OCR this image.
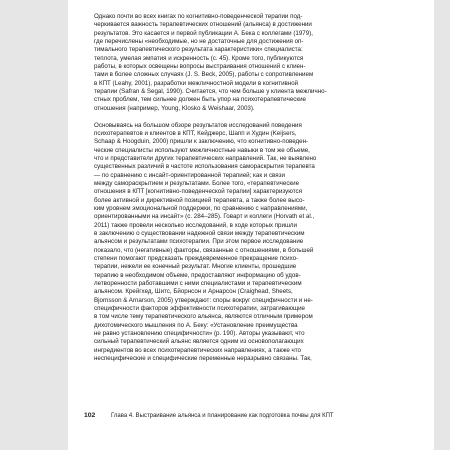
Однако почти во всех книгах по когнитивно-поведенческой терапии под-
черкивается важность терапевтических отношений (альянса) в достижении
результатов. Это касается и первой публикации А. Бека с коллегами (1979),
где перечислены «необходимые, но не достаточные для достижения оп-
тимального терапевтического результата характеристики» специалиста:
теплота, умелая эмпатия и искренность (с. 45). Кроме того, публикуются
работы, в которых освещены вопросы выстраивания отношений с клиен-
тами в более сложных случаях (J. S. Beck, 2005), работы с сопротивлением
в КПТ (Leahy, 2001), разработки межличностной модели в когнитивной
терапии (Safran & Segal, 1990). Считается, что чем больше у клиента межлично-
стных проблем, тем сильнее должен быть упор на психотерапевтические
отношения (например, Young, Klosko & Weishaar, 2003).

Основываясь на большом обзоре результатов исследований поведения
психотерапевтов и клиентов в КПТ, Кейджерс, Шапп и Худин (Keijsers,
Schaap & Hoogduin, 2000) пришли к заключению, что когнитивно-поведен-
ческие специалисты используют межличностные навыки в том же объеме,
что и представители других терапевтических направлений. Так, не выявлено
существенных различий в частоте использования самораскрытия терапевта
— по сравнению с инсайт-ориентированной терапией; как и связи
между самораскрытием и результатами. Более того, «терапевтические
отношения в КПТ [когнитивно-поведенческой терапии] характеризуются
более активной и директивной позицией терапевта, а также более высо-
ким уровнем эмоциональной поддержки, по сравнению с направлениями,
ориентированными на инсайт» (с. 284–285). Говарт и коллеги (Horvath et al.,
2011) также провели несколько исследований, в ходе которых пришли
в заключению о существовании надежной связи между терапевтическим
альянсом и результатами психотерапии. При этом первое исследование
показало, что (негативные) факторы, связанные с отношениями, в большей
степени помогают предсказать преждевременное прекращение психо-
терапии, нежели ее конечный результат. Многие клиенты, прошедшие
терапию в необходимом объеме, предоставляют информацию об удов-
летворенности работавшими с ними специалистами и терапевтическим
альянсом. Крейгхед, Шитс, Бйорнсон и Арнарсон (Craighead, Sheets,
Bjornsson & Arnarson, 2005) утверждают: споры вокруг специфичности и не-
специфичности факторов эффективности психотерапии, затрагивающие
в том числе тему терапевтического альянса, являются отличным примером
дихотомического мышления по А. Беку: «Установление преимущества
не равно установлению специфичности» (р. 190). Авторы указывают, что
сильный терапевтический альянс является одним из основополагающих
ингредиентов во всех психотерапевтических направлениях, а также что
неспецифические и специфические переменные неразрывно связаны. Так,

102	Глава 4. Выстраивание альянса и планирование как подготовка почвы для КПТ
